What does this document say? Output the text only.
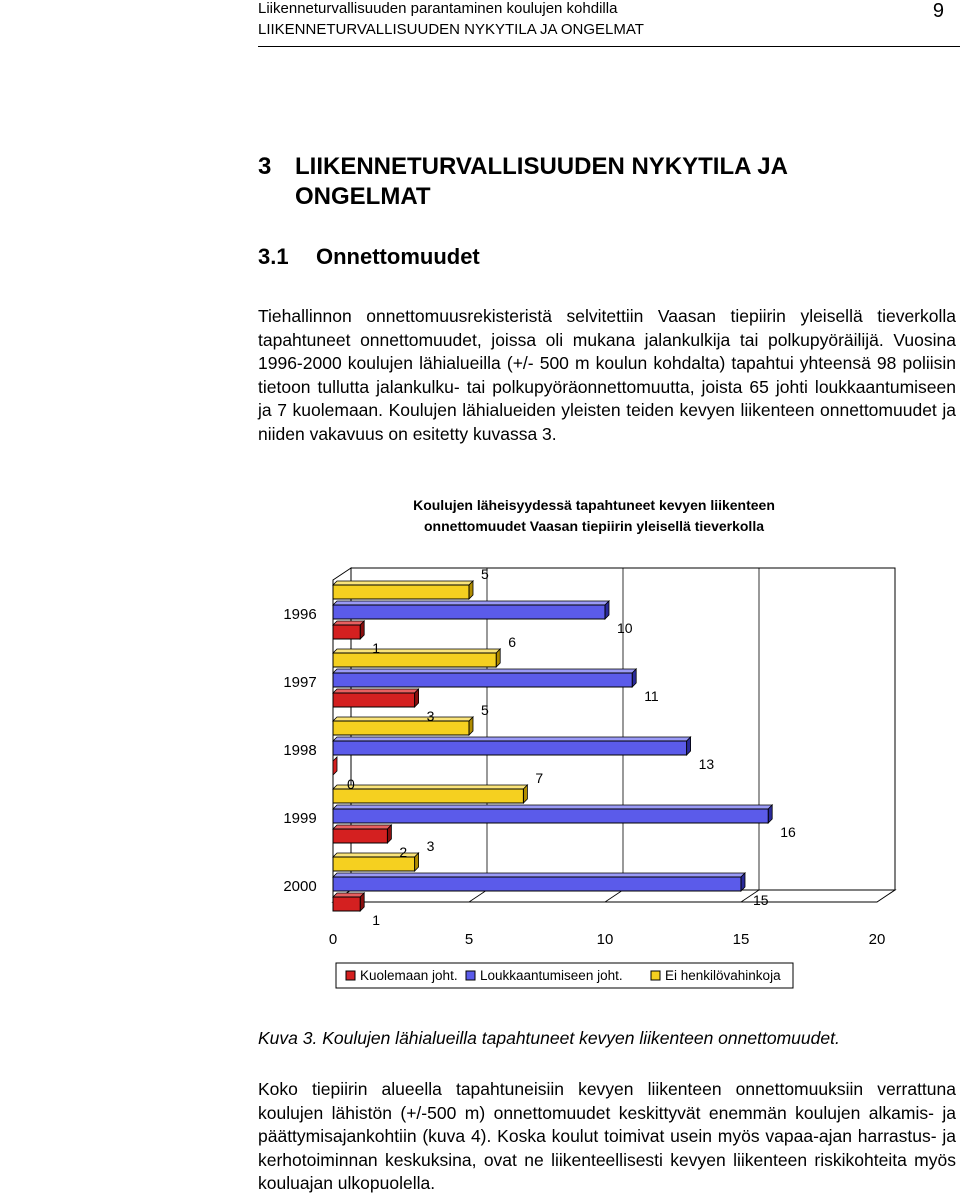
Liikenneturvallisuuden parantaminen koulujen kohdilla
LIIKENNETURVALLISUUDEN NYKYTILA JA ONGELMAT
9
3 LIIKENNETURVALLISUUDEN NYKYTILA JA ONGELMAT
3.1 Onnettomuudet
Tiehallinnon onnettomuusrekisteristä selvitettiin Vaasan tiepiirin yleisellä tieverkolla tapahtuneet onnettomuudet, joissa oli mukana jalankulkija tai polkupyöräilijä. Vuosina 1996-2000 koulujen lähialueilla (+/- 500 m koulun kohdalta) tapahtui yhteensä 98 poliisin tietoon tullutta jalankulku- tai polkupyöräonnettomuutta, joista 65 johti loukkaantumiseen ja 7 kuolemaan. Koulujen lähialueiden yleisten teiden kevyen liikenteen onnettomuudet ja niiden vakavuus on esitetty kuvassa 3.
Koulujen läheisyydessä tapahtuneet kevyen liikenteen
onnettomuudet Vaasan tiepiirin yleisellä tieverkolla
5
10
1	6
11
3	5
13
0	7
16
2 3
15
1
1996
1997
1998
1999
2000
0	5	10	15	20
Kuolemaan joht. Loukkaantumiseen joht.	Ei henkilövahinkoja
Kuva 3. Koulujen lähialueilla tapahtuneet kevyen liikenteen onnettomuudet.
Koko tiepiirin alueella tapahtuneisiin kevyen liikenteen onnettomuuksiin verrattuna koulujen lähistön (+/-500 m) onnettomuudet keskittyvät enemmän koulujen alkamis- ja päättymisajankohtiin (kuva 4). Koska koulut toimivat usein myös vapaa-ajan harrastus- ja kerhotoiminnan keskuksina, ovat ne liikenteellisesti kevyen liikenteen riskikohteita myös kouluajan ulkopuolella.
